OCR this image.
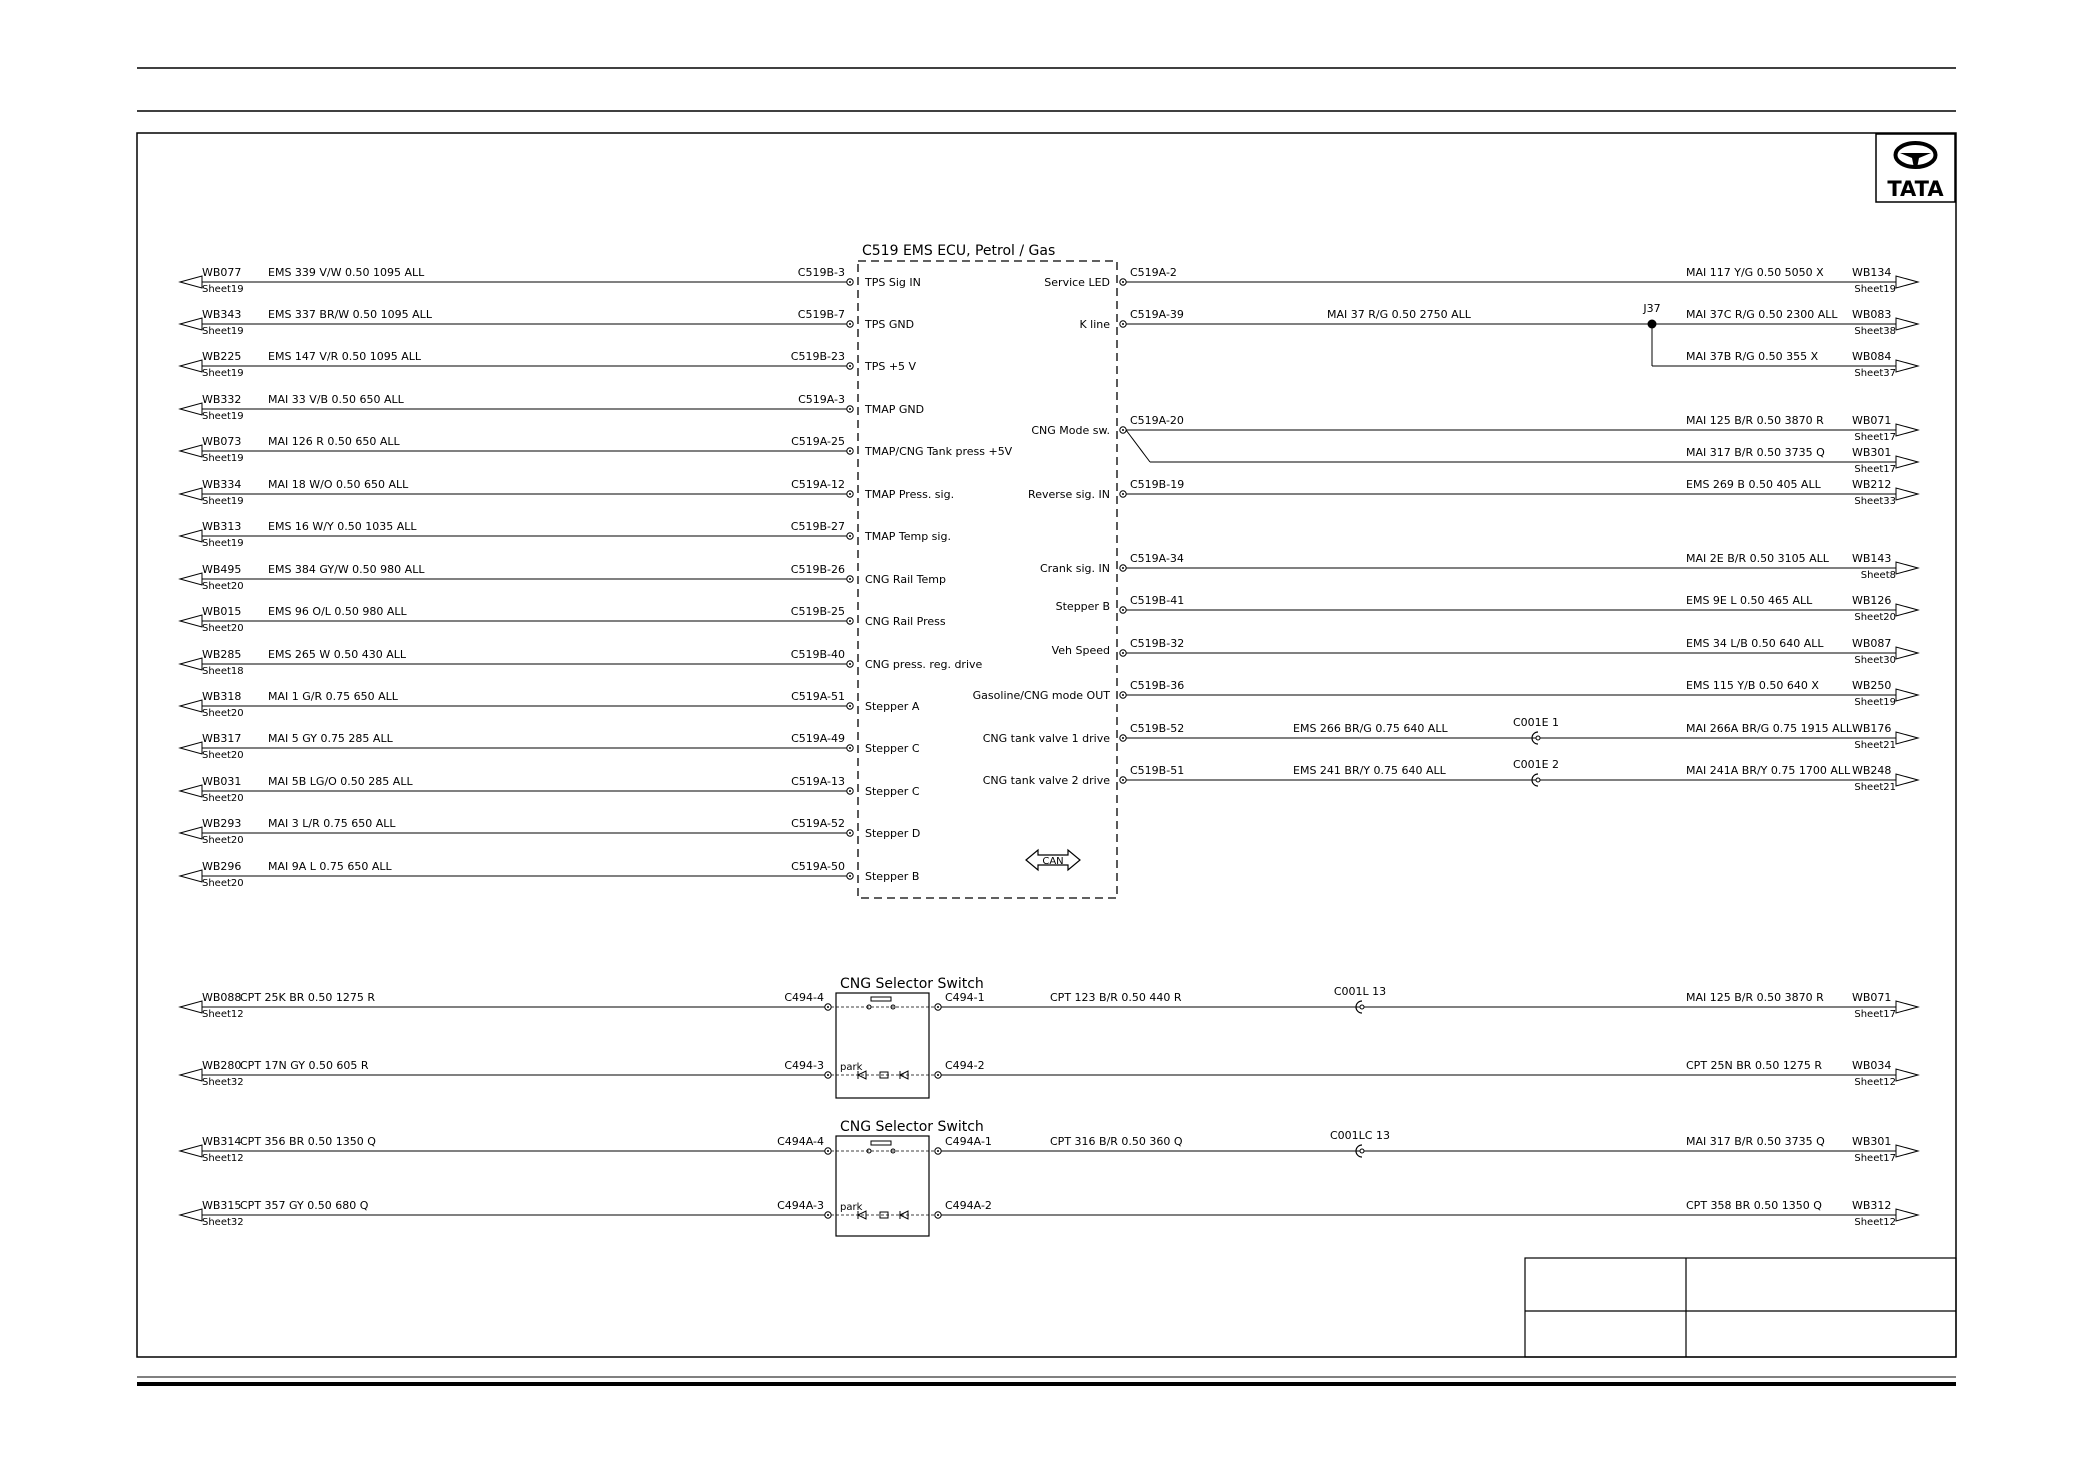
TATA
C519 EMS ECU, Petrol / Gas
CAN
WB077 EMS 339 V/W 0.50 1095 ALL
Sheet19
C519B-3
TPS Sig IN
WB343 EMS 337 BR/W 0.50 1095 ALL
Sheet19
C519B-7
TPS GND
WB225 EMS 147 V/R 0.50 1095 ALL
Sheet19
C519B-23
TPS +5 V
WB332 MAI 33 V/B 0.50 650 ALL
Sheet19
C519A-3
TMAP GND
WB073 MAI 126 R 0.50 650 ALL
Sheet19
C519A-25
TMAP/CNG Tank press +5V
WB334 MAI 18 W/O 0.50 650 ALL
Sheet19
C519A-12
TMAP Press. sig.
WB313 EMS 16 W/Y 0.50 1035 ALL
Sheet19
C519B-27
TMAP Temp sig.
WB495 EMS 384 GY/W 0.50 980 ALL
Sheet20
C519B-26
CNG Rail Temp
WB015 EMS 96 O/L 0.50 980 ALL
Sheet20
C519B-25
CNG Rail Press
WB285 EMS 265 W 0.50 430 ALL
Sheet18
C519B-40
CNG press. reg. drive
WB318 MAI 1 G/R 0.75 650 ALL
Sheet20
C519A-51
Stepper A
WB317 MAI 5 GY 0.75 285 ALL
Sheet20
C519A-49
Stepper C
WB031 MAI 5B LG/O 0.50 285 ALL
Sheet20
C519A-13
Stepper C
WB293 MAI 3 L/R 0.75 650 ALL
Sheet20
C519A-52
Stepper D
WB296 MAI 9A L 0.75 650 ALL
Sheet20
C519A-50
Stepper B
C519A-2
Service LED
MAI 117 Y/G 0.50 5050 X	WB134
Sheet19
C519A-39
K line
MAI 37C R/G 0.50 2300 ALL WB083
Sheet38
MAI 37 R/G 0.50 2750 ALL	J37
MAI 37B R/G 0.50 355 X	WB084
Sheet37
C519A-20
CNG Mode sw.
MAI 125 B/R 0.50 3870 R	WB071
Sheet17
MAI 317 B/R 0.50 3735 Q WB301
Sheet17
C519B-19
Reverse sig. IN
EMS 269 B 0.50 405 ALL	WB212
Sheet33
C519A-34
Crank sig. IN
MAI 2E B/R 0.50 3105 ALL WB143
Sheet8
C519B-41
Stepper B	EMS 9E L 0.50 465 ALL	WB126
Sheet20
C519B-32
Veh Speed
EMS 34 L/B 0.50 640 ALL	WB087
Sheet30
C519B-36
Gasoline/CNG mode OUT
EMS 115 Y/B 0.50 640 X	WB250
Sheet19
C519B-52
CNG tank valve 1 drive
MAI 266A BR/G 0.75 1915 ALL WB176
Sheet21
EMS 266 BR/G 0.75 640 ALL	C001E 1
C519B-51
CNG tank valve 2 drive
MAI 241A BR/Y 0.75 1700 ALL WB248
Sheet21
EMS 241 BR/Y 0.75 640 ALL	C001E 2
CNG Selector Switch
park
WB088
CPT 25K BR 0.50 1275 R
Sheet12
C494-4	C494-1	MAI 125 B/R 0.50 3870 R	WB071
Sheet17
CPT 123 B/R 0.50 440 R	C001L 13
WB280
CPT 17N GY 0.50 605 R
Sheet32
C494-3	C494-2	CPT 25N BR 0.50 1275 R	WB034
Sheet12
CNG Selector Switch
park
WB314
CPT 356 BR 0.50 1350 Q
Sheet12
C494A-4	C494A-1	MAI 317 B/R 0.50 3735 Q WB301
Sheet17
CPT 316 B/R 0.50 360 Q	C001LC 13
WB315
CPT 357 GY 0.50 680 Q
Sheet32
C494A-3	C494A-2	CPT 358 BR 0.50 1350 Q	WB312
Sheet12
